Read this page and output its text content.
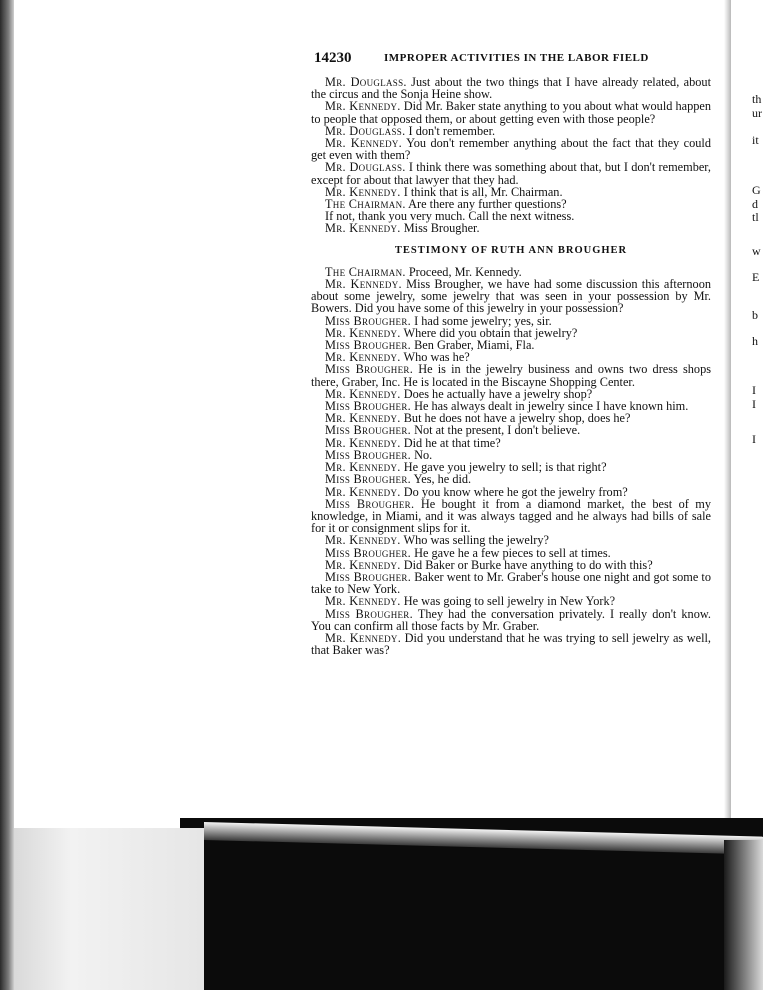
14230	IMPROPER ACTIVITIES IN THE LABOR FIELD

Mr. Douglass. Just about the two things that I have already related, about the circus and the Sonja Heine show.

Mr. Kennedy. Did Mr. Baker state anything to you about what would happen to people that opposed them, or about getting even with those people?

Mr. Douglass. I don't remember.

Mr. Kennedy. You don't remember anything about the fact that they could get even with them?

Mr. Douglass. I think there was something about that, but I don't remember, except for about that lawyer that they had.

Mr. Kennedy. I think that is all, Mr. Chairman.

The Chairman. Are there any further questions?

If not, thank you very much. Call the next witness.

Mr. Kennedy. Miss Brougher.

TESTIMONY OF RUTH ANN BROUGHER

The Chairman. Proceed, Mr. Kennedy.

Mr. Kennedy. Miss Brougher, we have had some discussion this afternoon about some jewelry, some jewelry that was seen in your possession by Mr. Bowers. Did you have some of this jewelry in your possession?

Miss Brougher. I had some jewelry; yes, sir.

Mr. Kennedy. Where did you obtain that jewelry?

Miss Brougher. Ben Graber, Miami, Fla.

Mr. Kennedy. Who was he?

Miss Brougher. He is in the jewelry business and owns two dress shops there, Graber, Inc. He is located in the Biscayne Shopping Center.

Mr. Kennedy. Does he actually have a jewelry shop?

Miss Brougher. He has always dealt in jewelry since I have known him.

Mr. Kennedy. But he does not have a jewelry shop, does he?

Miss Brougher. Not at the present, I don't believe.

Mr. Kennedy. Did he at that time?

Miss Brougher. No.

Mr. Kennedy. He gave you jewelry to sell; is that right?

Miss Brougher. Yes, he did.

Mr. Kennedy. Do you know where he got the jewelry from?

Miss Brougher. He bought it from a diamond market, the best of my knowledge, in Miami, and it was always tagged and he always had bills of sale for it or consignment slips for it.

Mr. Kennedy. Who was selling the jewelry?

Miss Brougher. He gave he a few pieces to sell at times.

Mr. Kennedy. Did Baker or Burke have anything to do with this?

Miss Brougher. Baker went to Mr. Graber's house one night and got some to take to New York.

Mr. Kennedy. He was going to sell jewelry in New York?

Miss Brougher. They had the conversation privately. I really don't know. You can confirm all those facts by Mr. Graber.

Mr. Kennedy. Did you understand that he was trying to sell jewelry as well, that Baker was?

th
ur
it
G
d
tl
w
E
b
h
I
I
I
